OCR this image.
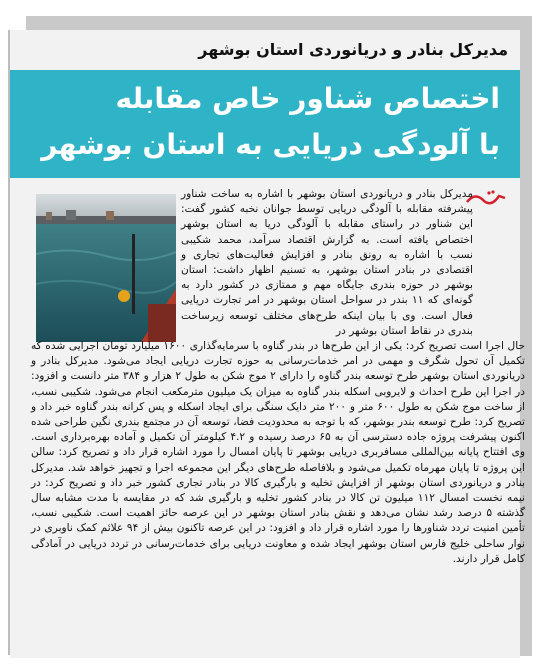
مدیرکل بنادر و دریانوردی استان بوشهر
اختصاص شناور خاص مقابله
با آلودگی دریایی به استان بوشهر

مدیرکل بنادر و دریانوردی استان بوشهر با اشاره به ساخت شناور پیشرفته مقابله با آلودگی دریایی توسط جوانان نخبه کشور گفت: این شناور در راستای مقابله با آلودگی دریا به استان بوشهر اختصاص یافته است. به گزارش اقتصاد سرآمد، محمد شکیبی نسب با اشاره به رونق بنادر و افزایش فعالیت‌های تجاری و اقتصادی در بنادر استان بوشهر، به تسنیم اظهار داشت: استان بوشهر در حوزه بندری جایگاه مهم و ممتازی در کشور دارد به گونه‌ای که ۱۱ بندر در سواحل استان بوشهر در امر تجارت دریایی فعال است. وی با بیان اینکه طرح‌های مختلف توسعه زیرساخت بندری در نقاط استان بوشهر در

حال اجرا است تصریح کرد: یکی از این طرح‌ها در بندر گناوه با سرمایه‌گذاری ۱۶۰۰ میلیارد تومان اجرایی شده که تکمیل آن تحول شگرف و مهمی در امر خدمات‌رسانی به حوزه تجارت دریایی ایجاد می‌شود. مدیرکل بنادر و دریانوردی استان بوشهر طرح توسعه بندر گناوه را دارای ۲ موج شکن به طول ۲ هزار و ۳۸۴ متر دانست و افزود: در اجرا این طرح احداث و لایروبی اسکله بندر گناوه به میزان یک میلیون مترمکعب انجام می‌شود. شکیبی نسب، از ساخت موج شکن به طول ۶۰۰ متر و ۲۰۰ متر دایک سنگی برای ایجاد اسکله و پس کرانه بندر گناوه خبر داد و تصریح کرد: طرح توسعه بندر بوشهر، که با توجه به محدودیت فضا، توسعه آن در مجتمع بندری نگین طراحی شده اکنون پیشرفت پروژه جاده دسترسی آن به ۶۵ درصد رسیده و ۴.۲ کیلومتر آن تکمیل و آماده بهره‌برداری است. وی افتتاح پایانه بین‌المللی مسافربری دریایی بوشهر تا پایان امسال را مورد اشاره قرار داد و تصریح کرد: سالن این پروژه تا پایان مهرماه تکمیل می‌شود و بلافاصله طرح‌های دیگر این مجموعه اجرا و تجهیز خواهد شد. مدیرکل بنادر و دریانوردی استان بوشهر از افزایش تخلیه و بارگیری کالا در بنادر تجاری کشور خبر داد و تصریح کرد: در نیمه نخست امسال ۱۱۲ میلیون تن کالا در بنادر کشور تخلیه و بارگیری شد که در مقایسه با مدت مشابه سال گذشته ۵ درصد رشد نشان می‌دهد و نقش بنادر استان بوشهر در این عرصه حائز اهمیت است. شکیبی نسب، تأمین امنیت تردد شناورها را مورد اشاره قرار داد و افزود: در این عرصه تاکنون بیش از ۹۴ علائم کمک ناوبری در نوار ساحلی خلیج فارس استان بوشهر ایجاد شده و معاونت دریایی برای خدمات‌رسانی در تردد دریایی در آمادگی کامل قرار دارند.
